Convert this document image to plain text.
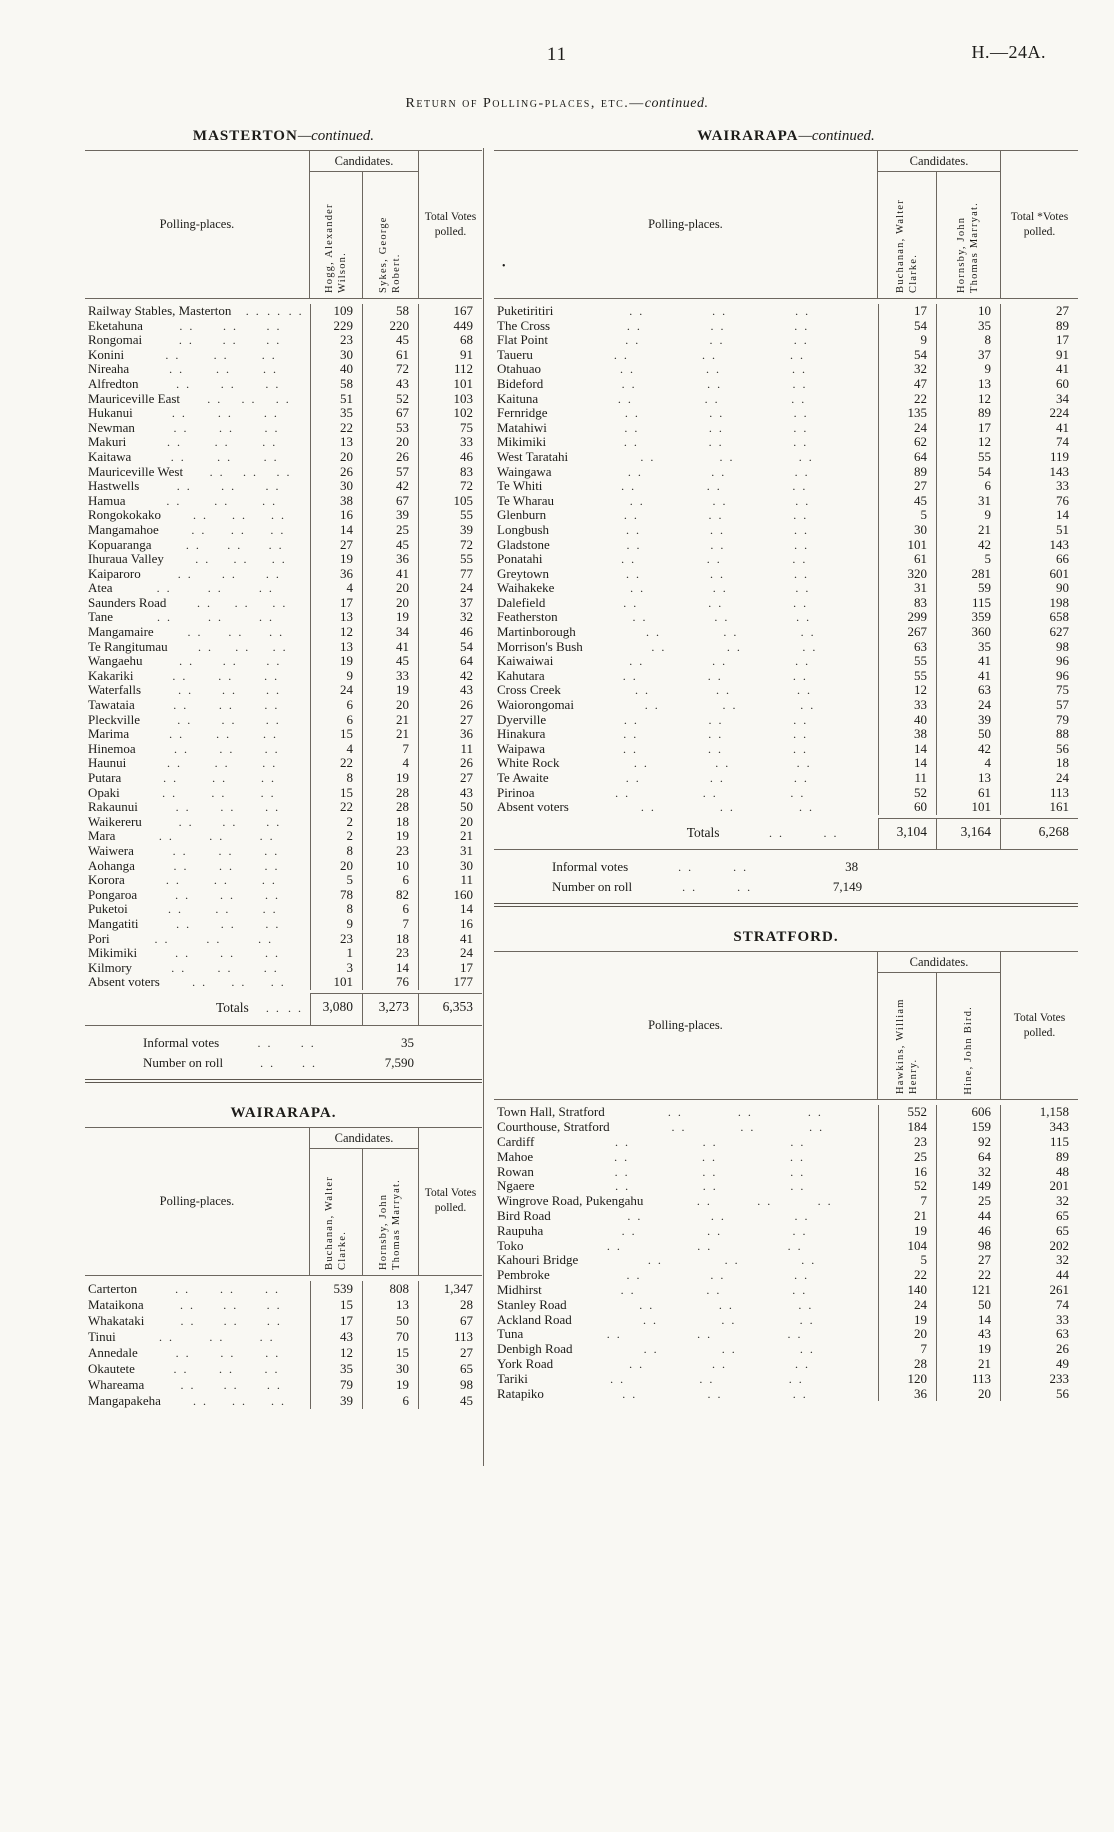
11	H.—24A.
Return of Polling-places, etc.—continued.
MASTERTON—continued.
Polling-places.
Candidates.
Hogg, Alexander Wilson.	Sykes, George Robert.
Total Votes polled.
Railway Stables, Masterton	. . . . . .	109	58	167
Eketahuna	. . . . . .	229	220	449
Rongomai	. . . . . .	23	45	68
Konini	. .	. .	. .	30	61	91
Nireaha	. .	. .	. .	40	72	112
Alfredton	. . . . . .	58	43	101
Mauriceville East	. . . . . .	51	52	103
Hukanui	. .	. .	. .	35	67	102
Newman	. .	. .	. .	22	53	75
Makuri	. .	. .	. .	13	20	33
Kaitawa	. .	. .	. .	20	26	46
Mauriceville West	. . . . . .	26	57	83
Hastwells	. . . . . .	30	42	72
Hamua	. .	. .	. .	38	67	105
Rongokokako	. . . . . .	16	39	55
Mangamahoe	. . . . . .	14	25	39
Kopuaranga	. . . . . .	27	45	72
Ihuraua Valley	. . . . . .	19	36	55
Kaiparoro	. . . . . .	36	41	77
Atea	. .	. .	. .	4	20	24
Saunders Road	. . . . . .	17	20	37
Tane	. .	. .	. .	13	19	32
Mangamaire	. . . . . .	12	34	46
Te Rangitumau	. . . . . .	13	41	54
Wangaehu	. . . . . .	19	45	64
Kakariki	. .	. .	. .	9	33	42
Waterfalls	. . . . . .	24	19	43
Tawataia	. .	. .	. .	6	20	26
Pleckville	. . . . . .	6	21	27
Marima	. .	. .	. .	15	21	36
Hinemoa	. .	. .	. .	4	7	11
Haunui	. .	. .	. .	22	4	26
Putara	. .	. .	. .	8	19	27
Opaki	. .	. .	. .	15	28	43
Rakaunui	. . . . . .	22	28	50
Waikereru	. . . . . .	2	18	20
Mara	. .	. .	. .	2	19	21
Waiwera	. .	. .	. .	8	23	31
Aohanga	. .	. .	. .	20	10	30
Korora	. .	. .	. .	5	6	11
Pongaroa	. . . . . .	78	82	160
Puketoi	. .	. .	. .	8	6	14
Mangatiti	. . . . . .	9	7	16
Pori	. .	. .	. .	23	18	41
Mikimiki	. . . . . .	1	23	24
Kilmory	. .	. .	. .	3	14	17
Absent voters	. . . . . .	101	76	177
Totals	. . . .	3,080	3,273	6,353
Informal votes	. . . .	35
Number on roll	. . . .	7,590
WAIRARAPA.
Polling-places.
Candidates.
Buchanan, Walter Clarke.	Hornsby, John Thomas Marryat.	Total Votes polled.
Carterton	. . . . . .	539	808	1,347
Mataikona	. . . . . .	15	13	28
Whakataki	. . . . . .	17	50	67
Tinui	. .	. .	. .	43	70	113
Annedale	. . . . . .	12	15	27
Okautete	. .	. .	. .	35	30	65
Whareama	. . . . . .	79	19	98
Mangapakeha	. . . . . .	39	6	45
WAIRARAPA—continued.
•
Polling-places.
Candidates.
Buchanan, Walter Clarke.	Hornsby, John Thomas Marryat.	Total *Votes polled.
Puketiritiri	. .	. .	. .	17	10	27
The Cross	. .	. .	. .	54	35	89
Flat Point	. .	. .	. .	9	8	17
Taueru	. .	. .	. .	54	37	91
Otahuao	. .	. .	. .	32	9	41
Bideford	. .	. .	. .	47	13	60
Kaituna	. .	. .	. .	22	12	34
Fernridge	. .	. .	. .	135	89	224
Matahiwi	. .	. .	. .	24	17	41
Mikimiki	. .	. .	. .	62	12	74
West Taratahi	. .	. .	. .	64	55	119
Waingawa	. .	. .	. .	89	54	143
Te Whiti	. .	. .	. .	27	6	33
Te Wharau	. .	. .	. .	45	31	76
Glenburn	. .	. .	. .	5	9	14
Longbush	. .	. .	. .	30	21	51
Gladstone	. .	. .	. .	101	42	143
Ponatahi	. .	. .	. .	61	5	66
Greytown	. .	. .	. .	320	281	601
Waihakeke	. .	. .	. .	31	59	90
Dalefield	. .	. .	. .	83	115	198
Featherston	. .	. .	. .	299	359	658
Martinborough	. .	. .	. .	267	360	627
Morrison's Bush	. .	. .	. .	63	35	98
Kaiwaiwai	. .	. .	. .	55	41	96
Kahutara	. .	. .	. .	55	41	96
Cross Creek	. .	. .	. .	12	63	75
Waiorongomai	. .	. .	. .	33	24	57
Dyerville	. .	. .	. .	40	39	79
Hinakura	. .	. .	. .	38	50	88
Waipawa	. .	. .	. .	14	42	56
White Rock	. .	. .	. .	14	4	18
Te Awaite	. .	. .	. .	11	13	24
Pirinoa	. .	. .	. .	52	61	113
Absent voters	. .	. .	. .	60	101	161
Totals	. .	. .	3,104	3,164	6,268
Informal votes	. .	. .	38
Number on roll	. .	. .	7,149
STRATFORD.
Polling-places.
Candidates.
Hawkins, William Henry.	Hine, John Bird.	Total Votes polled.
Town Hall, Stratford	. .	. .	. .	552	606	1,158
Courthouse, Stratford	. .	. .	. .	184	159	343
Cardiff	. .	. .	. .	23	92	115
Mahoe	. .	. .	. .	25	64	89
Rowan	. .	. .	. .	16	32	48
Ngaere	. .	. .	. .	52	149	201
Wingrove Road, Pukengahu	. .	. .	. .	7	25	32
Bird Road	. .	. .	. .	21	44	65
Raupuha	. .	. .	. .	19	46	65
Toko	. .	. .	. .	104	98	202
Kahouri Bridge	. .	. .	. .	5	27	32
Pembroke	. .	. .	. .	22	22	44
Midhirst	. .	. .	. .	140	121	261
Stanley Road	. .	. .	. .	24	50	74
Ackland Road	. .	. .	. .	19	14	33
Tuna	. .	. .	. .	20	43	63
Denbigh Road	. .	. .	. .	7	19	26
York Road	. .	. .	. .	28	21	49
Tariki	. .	. .	. .	120	113	233
Ratapiko	. .	. .	. .	36	20	56
